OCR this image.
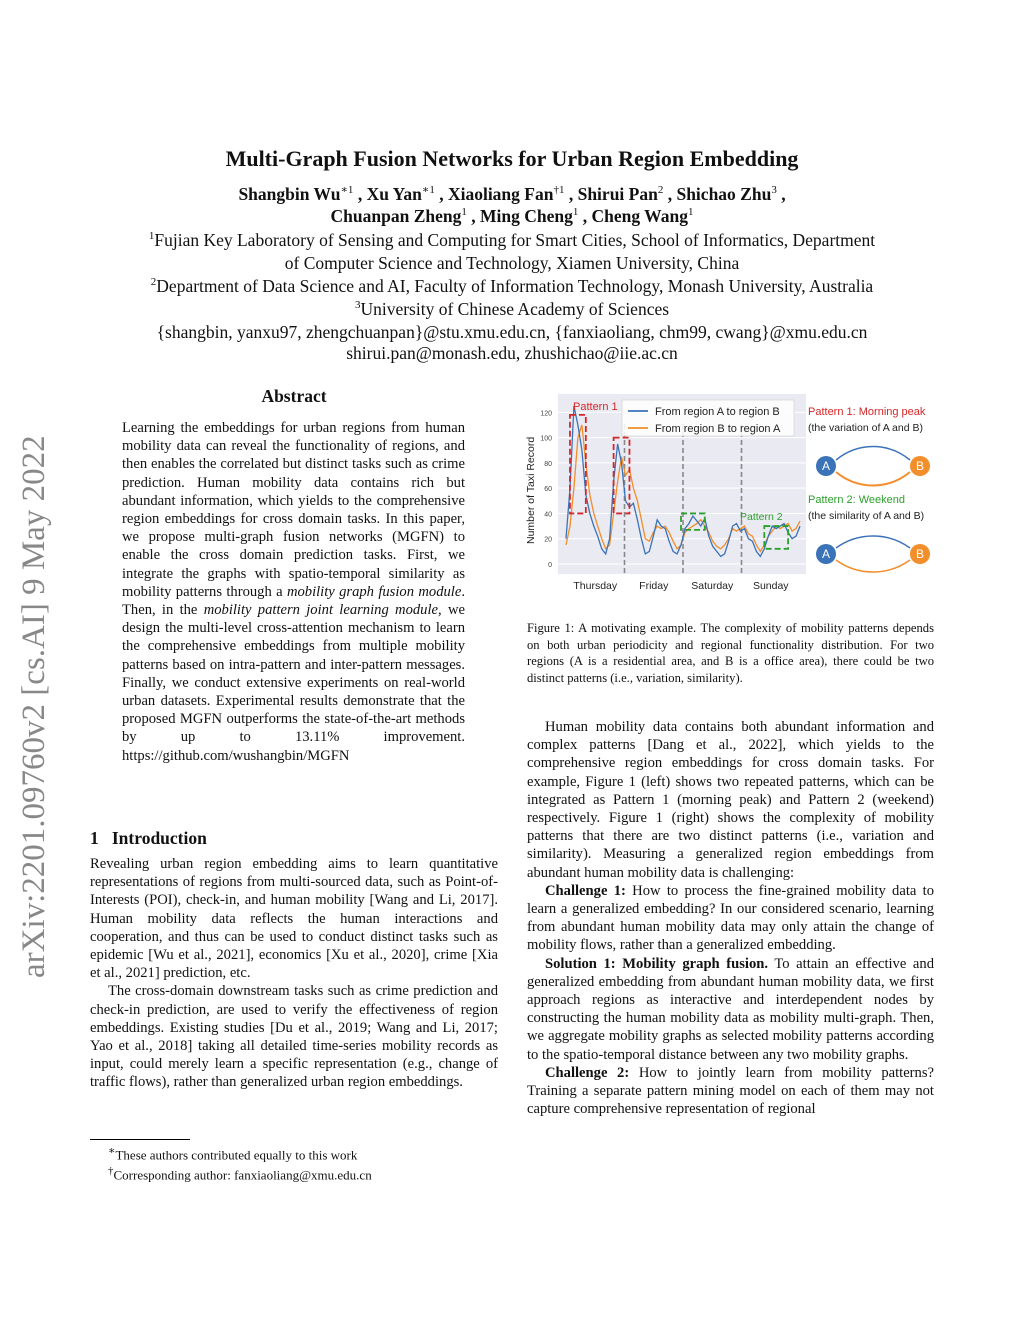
arXiv:2201.09760v2 [cs.AI] 9 May 2022
Multi-Graph Fusion Networks for Urban Region Embedding
Shangbin $Wu^{∗1}$ , Xu Yan$^{∗1}$ , Xiaoliang Fan$^{\dagger 1}$ , Shirui Pan$^2$ , Shichao Zhu$^3$ ,
Chuanpan Zheng$^1$ , Ming Cheng$^1$ , Cheng Wang$^1$
$^1$Fujian Key Laboratory of Sensing and Computing for Smart Cities, School of Informatics, Department
of Computer Science and Technology, Xiamen University, China
$^2$Department of Data Science and AI, Faculty of Information Technology, Monash University, Australia
$^3$University of Chinese Academy of Sciences
{shangbin, yanxu97, zhengchuanpan}@stu.xmu.edu.cn, {fanxiaoliang, chm99, cwang}@xmu.edu.cn
shirui.pan@monash.edu, zhushichao@iie.ac.cn
Abstract

Learning the embeddings for urban regions from human mobility data can reveal the functionality of regions, and then enables the correlated but distinct tasks such as crime prediction. Human mobility data contains rich but abundant information, which yields to the comprehensive region embeddings for cross domain tasks. In this paper, we propose multi-graph fusion networks (MGFN) to enable the cross domain prediction tasks. First, we integrate the graphs with spatio-temporal similarity as mobility patterns through a mobility graph fusion module. Then, in the mobility pattern joint learning module, we design the multi-level cross-attention mechanism to learn the comprehensive embeddings from multiple mobility patterns based on intra-pattern and inter-pattern messages. Finally, we conduct extensive experiments on real-world urban datasets. Experimental results demonstrate that the proposed MGFN outperforms the state-of-the-art methods by up to 13.11% improvement. https://github.com/wushangbin/MGFN

1 Introduction

Revealing urban region embedding aims to learn quantitative representations of regions from multi-sourced data, such as Point-of-Interests (POI), check-in, and human mobility [Wang and Li, 2017]. Human mobility data reflects the human interactions and cooperation, and thus can be used to conduct distinct tasks such as epidemic [Wu et al., 2021], economics [Xu et al., 2020], crime [Xia et al., 2021] prediction, etc.

The cross-domain downstream tasks such as crime prediction and check-in prediction, are used to verify the effectiveness of region embeddings. Existing studies [Du et al., 2019; Wang and Li, 2017; Yao et al., 2018] taking all detailed time-series mobility records as input, could merely learn a specific representation (e.g., change of traffic flows), rather than generalized urban region embeddings.

∗These authors contributed equally to this work
†Corresponding author: fanxiaoliang@xmu.edu.cn
0
20
40
60
80
100
120
Thursday Friday Saturday Sunday
Number of Taxi Record
Pattern 1
Pattern 2
From region A to region B
From region B to region A
Pattern 1: Morning peak
(the variation of A and B)
A	B
Pattern 2: Weekend
(the similarity of A and B)
A	B
Figure 1: A motivating example. The complexity of mobility patterns depends on both urban periodicity and regional functionality distribution. For two regions (A is a residential area, and B is a office area), there could be two distinct patterns (i.e., variation, similarity).

Human mobility data contains both abundant information and complex patterns [Dang et al., 2022], which yields to the comprehensive region embeddings for cross domain tasks. For example, Figure 1 (left) shows two repeated patterns, which can be integrated as Pattern 1 (morning peak) and Pattern 2 (weekend) respectively. Figure 1 (right) shows the complexity of mobility patterns that there are two distinct patterns (i.e., variation and similarity). Measuring a generalized region embeddings from abundant human mobility data is challenging:

Challenge 1: How to process the fine-grained mobility data to learn a generalized embedding? In our considered scenario, learning from abundant human mobility data may only attain the change of mobility flows, rather than a generalized embedding.

Solution 1: Mobility graph fusion. To attain an effective and generalized embedding from abundant human mobility data, we first approach regions as interactive and interdependent nodes by constructing the human mobility data as mobility multi-graph. Then, we aggregate mobility graphs as selected mobility patterns according to the spatio-temporal distance between any two mobility graphs.

Challenge 2: How to jointly learn from mobility patterns? Training a separate pattern mining model on each of them may not capture comprehensive representation of regional
